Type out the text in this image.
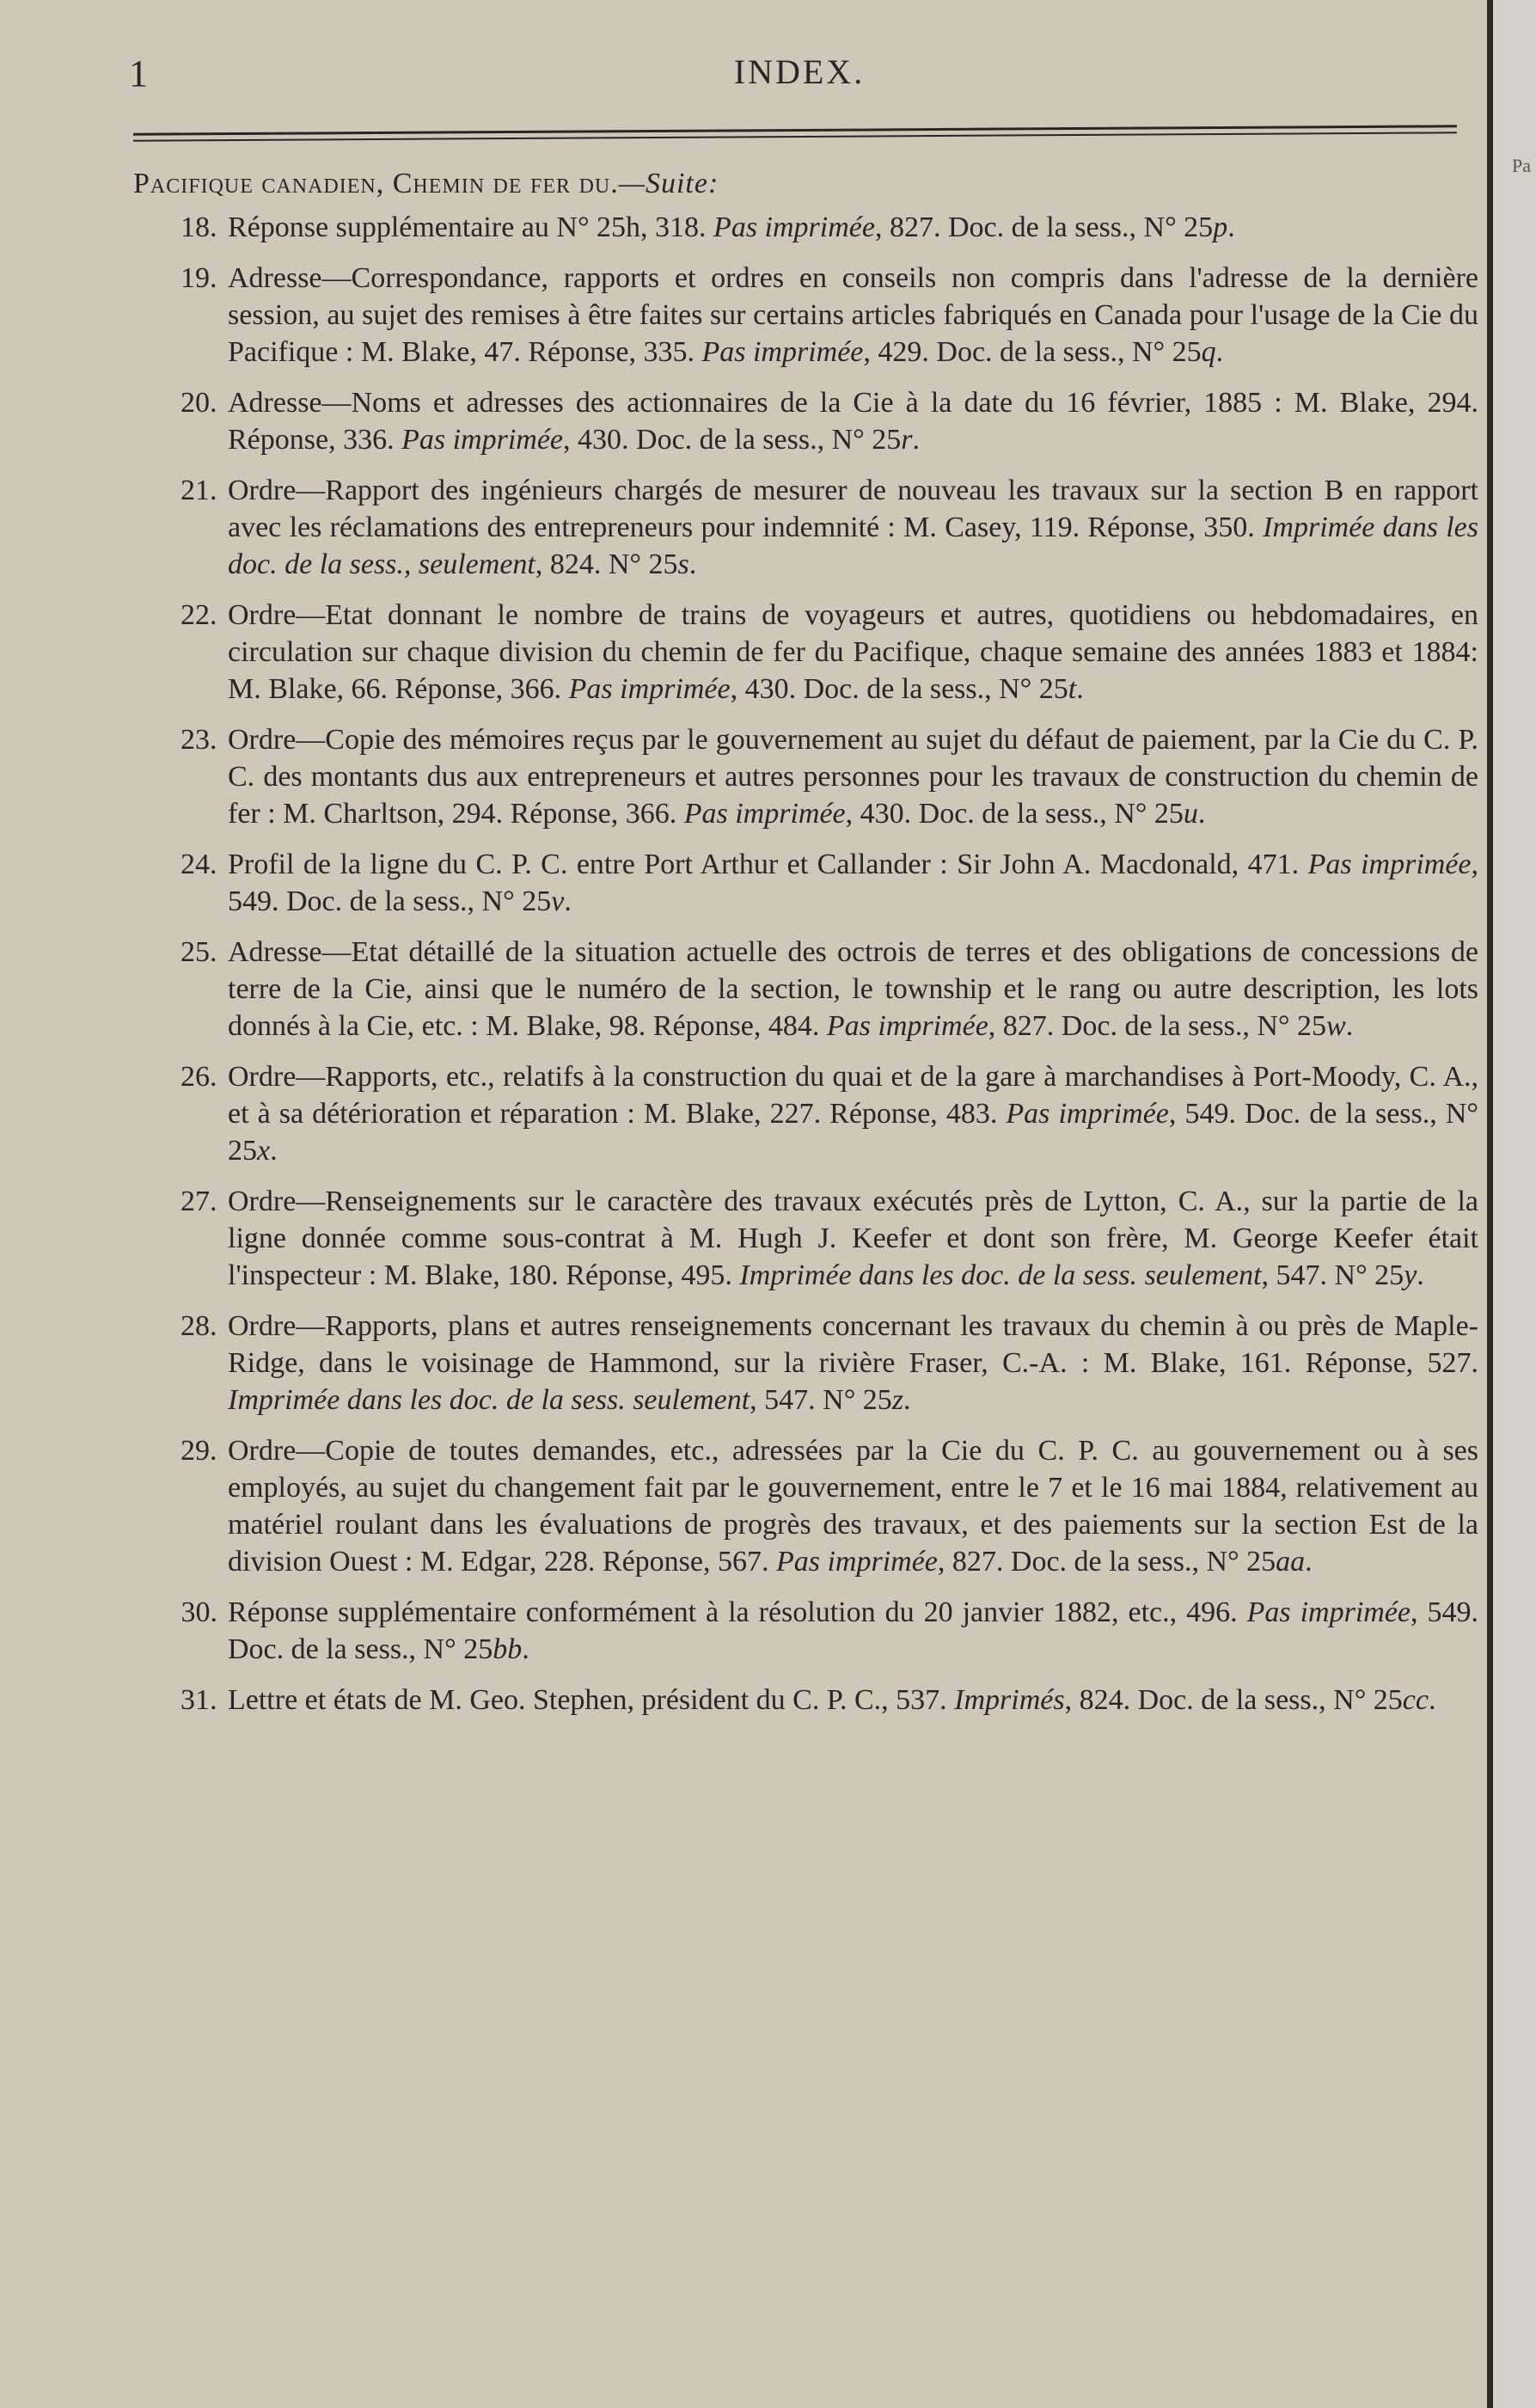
1	INDEX.
Pacifique canadien, Chemin de fer du.—Suite:
18. Réponse supplémentaire au N° 25h, 318. Pas imprimée, 827. Doc. de la sess., N° 25p.
19. Adresse—Correspondance, rapports et ordres en conseils non compris dans l'adresse de la dernière session, au sujet des remises à être faites sur certains articles fabriqués en Canada pour l'usage de la Cie du Pacifique : M. Blake, 47. Réponse, 335. Pas imprimée, 429. Doc. de la sess., N° 25q.
20. Adresse—Noms et adresses des actionnaires de la Cie à la date du 16 février, 1885 : M. Blake, 294. Réponse, 336. Pas imprimée, 430. Doc. de la sess., N° 25r.
21. Ordre—Rapport des ingénieurs chargés de mesurer de nouveau les travaux sur la section B en rapport avec les réclamations des entrepreneurs pour indemnité : M. Casey, 119. Réponse, 350. Imprimée dans les doc. de la sess., seulement, 824. N° 25s.
22. Ordre—Etat donnant le nombre de trains de voyageurs et autres, quotidiens ou hebdomadaires, en circulation sur chaque division du chemin de fer du Pacifique, chaque semaine des années 1883 et 1884: M. Blake, 66. Réponse, 366. Pas imprimée, 430. Doc. de la sess., N° 25t.
23. Ordre—Copie des mémoires reçus par le gouvernement au sujet du défaut de paiement, par la Cie du C. P. C. des montants dus aux entrepreneurs et autres personnes pour les travaux de construction du chemin de fer : M. Charltson, 294. Réponse, 366. Pas imprimée, 430. Doc. de la sess., N° 25u.
24. Profil de la ligne du C. P. C. entre Port Arthur et Callander : Sir John A. Macdonald, 471. Pas imprimée, 549. Doc. de la sess., N° 25v.
25. Adresse—Etat détaillé de la situation actuelle des octrois de terres et des obligations de concessions de terre de la Cie, ainsi que le numéro de la section, le township et le rang ou autre description, les lots donnés à la Cie, etc. : M. Blake, 98. Réponse, 484. Pas imprimée, 827. Doc. de la sess., N° 25w.
26. Ordre—Rapports, etc., relatifs à la construction du quai et de la gare à marchandises à Port-Moody, C. A., et à sa détérioration et réparation : M. Blake, 227. Réponse, 483. Pas imprimée, 549. Doc. de la sess., N° 25x.
27. Ordre—Renseignements sur le caractère des travaux exécutés près de Lytton, C. A., sur la partie de la ligne donnée comme sous-contrat à M. Hugh J. Keefer et dont son frère, M. George Keefer était l'inspecteur : M. Blake, 180. Réponse, 495. Imprimée dans les doc. de la sess. seulement, 547. N° 25y.
28. Ordre—Rapports, plans et autres renseignements concernant les travaux du chemin à ou près de Maple-Ridge, dans le voisinage de Hammond, sur la rivière Fraser, C.-A. : M. Blake, 161. Réponse, 527. Imprimée dans les doc. de la sess. seulement, 547. N° 25z.
29. Ordre—Copie de toutes demandes, etc., adressées par la Cie du C. P. C. au gouvernement ou à ses employés, au sujet du changement fait par le gouvernement, entre le 7 et le 16 mai 1884, relativement au matériel roulant dans les évaluations de progrès des travaux, et des paiements sur la section Est de la division Ouest : M. Edgar, 228. Réponse, 567. Pas imprimée, 827. Doc. de la sess., N° 25aa.
30. Réponse supplémentaire conformément à la résolution du 20 janvier 1882, etc., 496. Pas imprimée, 549. Doc. de la sess., N° 25bb.
31. Lettre et états de M. Geo. Stephen, président du C. P. C., 537. Imprimés, 824. Doc. de la sess., N° 25cc.
Pa
